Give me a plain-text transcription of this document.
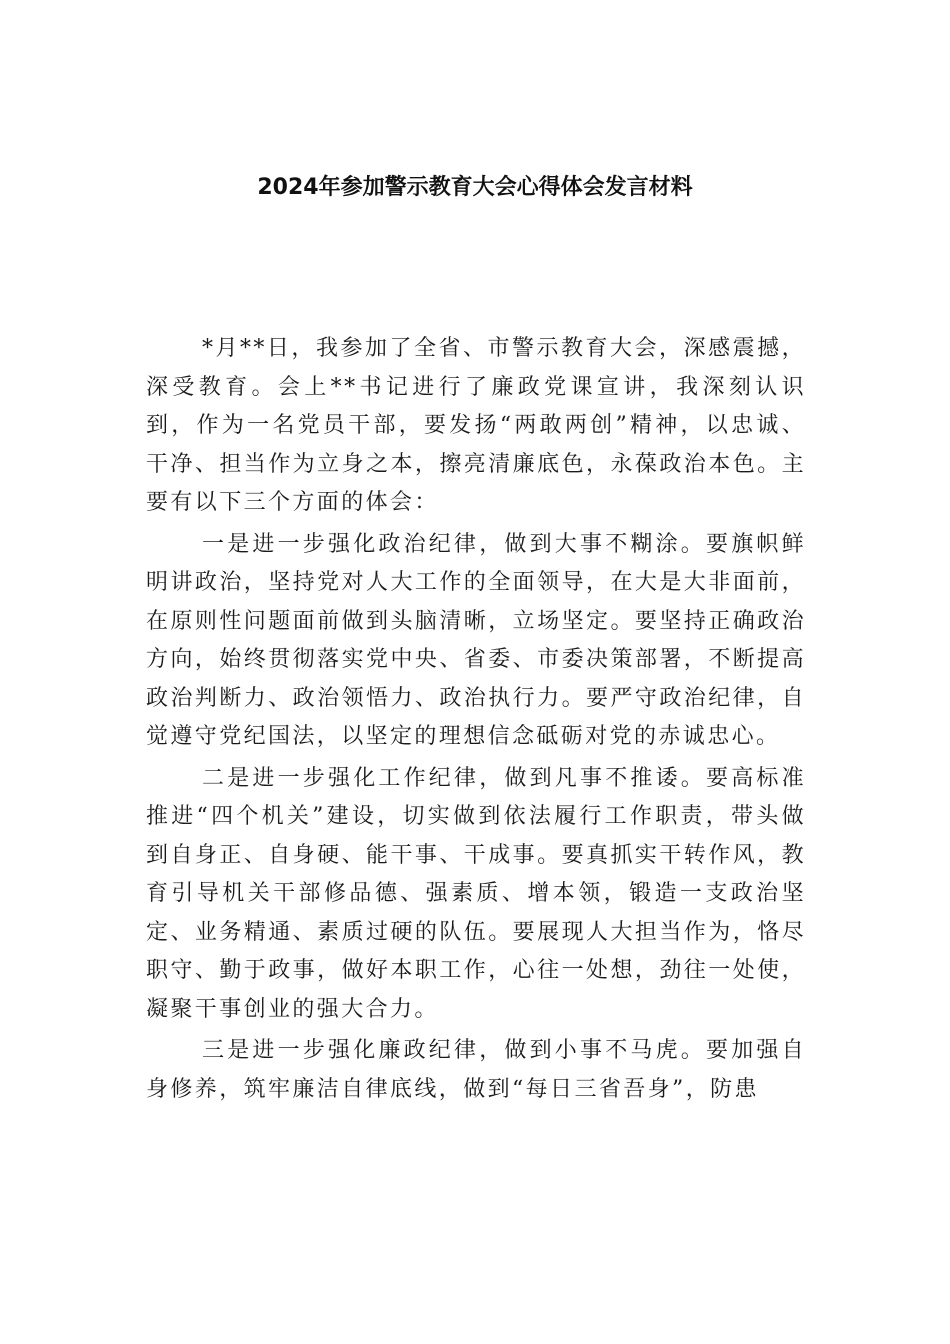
2024年参加警示教育大会心得体会发言材料

*月**日，我参加了全省、市警示教育大会，深感震撼，深受教育。会上**书记进行了廉政党课宣讲，我深刻认识到，作为一名党员干部，要发扬“两敢两创”精神，以忠诚、干净、担当作为立身之本，擦亮清廉底色，永葆政治本色。主要有以下三个方面的体会：

一是进一步强化政治纪律，做到大事不糊涂。要旗帜鲜明讲政治，坚持党对人大工作的全面领导，在大是大非面前，在原则性问题面前做到头脑清晰，立场坚定。要坚持正确政治方向，始终贯彻落实党中央、省委、市委决策部署，不断提高政治判断力、政治领悟力、政治执行力。要严守政治纪律，自觉遵守党纪国法，以坚定的理想信念砥砺对党的赤诚忠心。

二是进一步强化工作纪律，做到凡事不推诿。要高标准推进“四个机关”建设，切实做到依法履行工作职责，带头做到自身正、自身硬、能干事、干成事。要真抓实干转作风，教育引导机关干部修品德、强素质、增本领，锻造一支政治坚定、业务精通、素质过硬的队伍。要展现人大担当作为，恪尽职守、勤于政事，做好本职工作，心往一处想，劲往一处使，凝聚干事创业的强大合力。

三是进一步强化廉政纪律，做到小事不马虎。要加强自身修养，筑牢廉洁自律底线，做到“每日三省吾身”，防患
